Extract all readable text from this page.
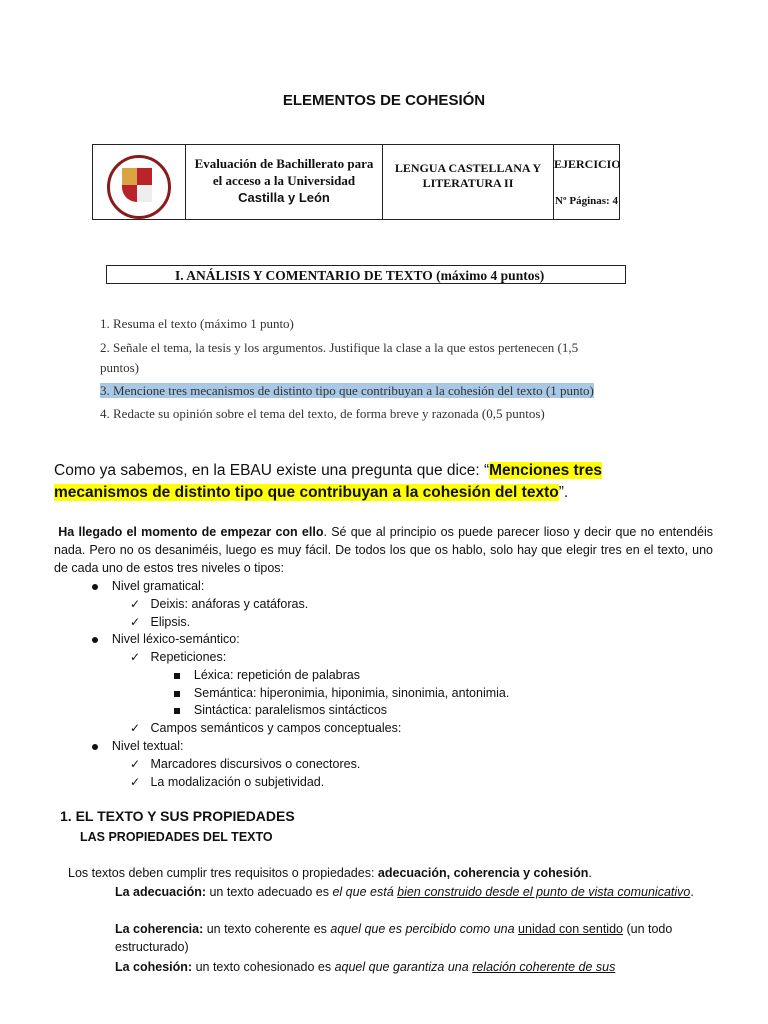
ELEMENTOS DE COHESIÓN

Evaluación de Bachillerato para
el acceso a la Universidad
Castilla y León

LENGUA CASTELLANA Y
LITERATURA II

EJERCICIO
Nº Páginas: 4
I. ANÁLISIS Y COMENTARIO DE TEXTO (máximo 4 puntos)
1. Resuma el texto (máximo 1 punto)
2. Señale el tema, la tesis y los argumentos. Justifique la clase a la que estos pertenecen (1,5
puntos)
3. Mencione tres mecanismos de distinto tipo que contribuyan a la cohesión del texto (1 punto)
4. Redacte su opinión sobre el tema del texto, de forma breve y razonada (0,5 puntos)
Como ya sabemos, en la EBAU existe una pregunta que dice: “Menciones tres
mecanismos de distinto tipo que contribuyan a la cohesión del texto”.
Ha llegado el momento de empezar con ello. Sé que al principio os puede parecer lioso y decir que no entendéis nada. Pero no os desaniméis, luego es muy fácil. De todos los que os hablo, solo hay que elegir tres en el texto, uno de cada uno de estos tres niveles o tipos:
Nivel gramatical:
✓ Deixis: anáforas y catáforas.
✓ Elipsis.
Nivel léxico-semántico:
✓ Repeticiones:
Léxica: repetición de palabras
Semántica: hiperonimia, hiponimia, sinonimia, antonimia.
Sintáctica: paralelismos sintácticos
✓ Campos semánticos y campos conceptuales:
Nivel textual:
✓ Marcadores discursivos o conectores.
✓ La modalización o subjetividad.
1. EL TEXTO Y SUS PROPIEDADES
LAS PROPIEDADES DEL TEXTO
Los textos deben cumplir tres requisitos o propiedades: adecuación, coherencia y cohesión.
La adecuación: un texto adecuado es el que está bien construido desde el punto de vista comunicativo.
La coherencia: un texto coherente es aquel que es percibido como una unidad con sentido (un todo estructurado)
La cohesión: un texto cohesionado es aquel que garantiza una relación coherente de sus
